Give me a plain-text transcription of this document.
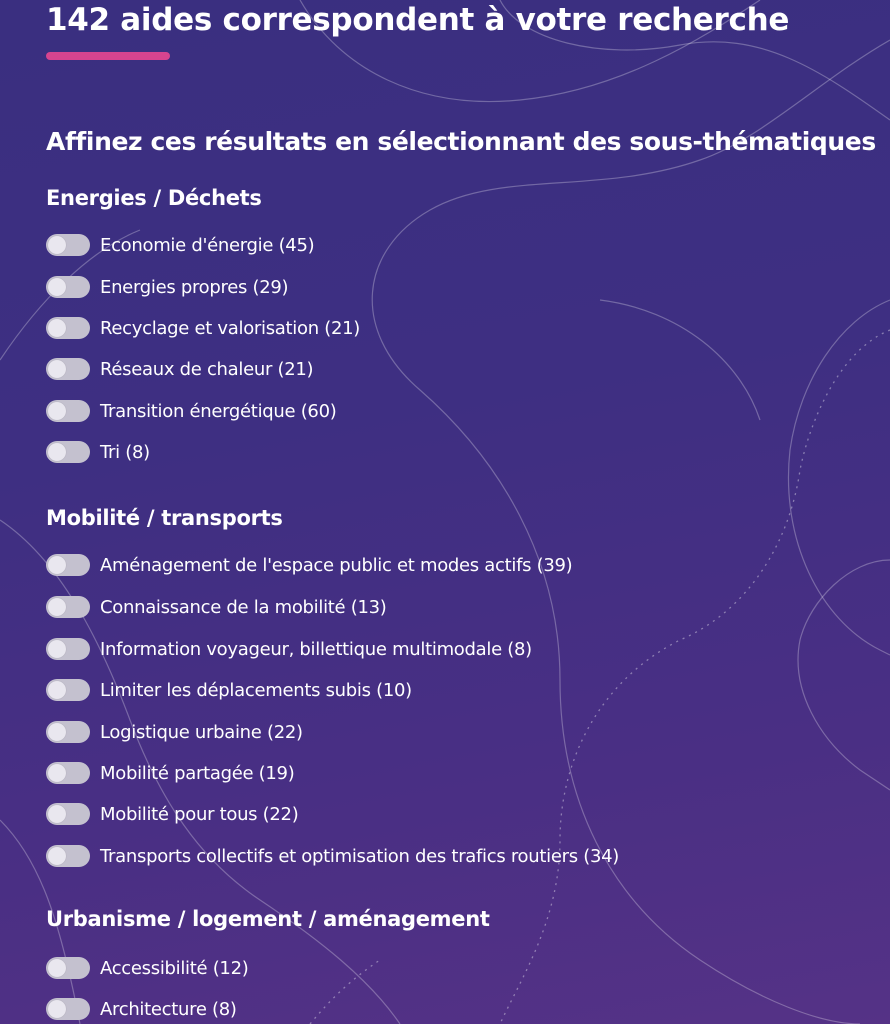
142 aides correspondent à votre recherche
Affinez ces résultats en sélectionnant des sous-thématiques
Energies / Déchets
Economie d'énergie (45)
Energies propres (29)
Recyclage et valorisation (21)
Réseaux de chaleur (21)
Transition énergétique (60)
Tri (8)
Mobilité / transports
Aménagement de l'espace public et modes actifs (39)
Connaissance de la mobilité (13)
Information voyageur, billettique multimodale (8)
Limiter les déplacements subis (10)
Logistique urbaine (22)
Mobilité partagée (19)
Mobilité pour tous (22)
Transports collectifs et optimisation des trafics routiers (34)
Urbanisme / logement / aménagement
Accessibilité (12)
Architecture (8)
